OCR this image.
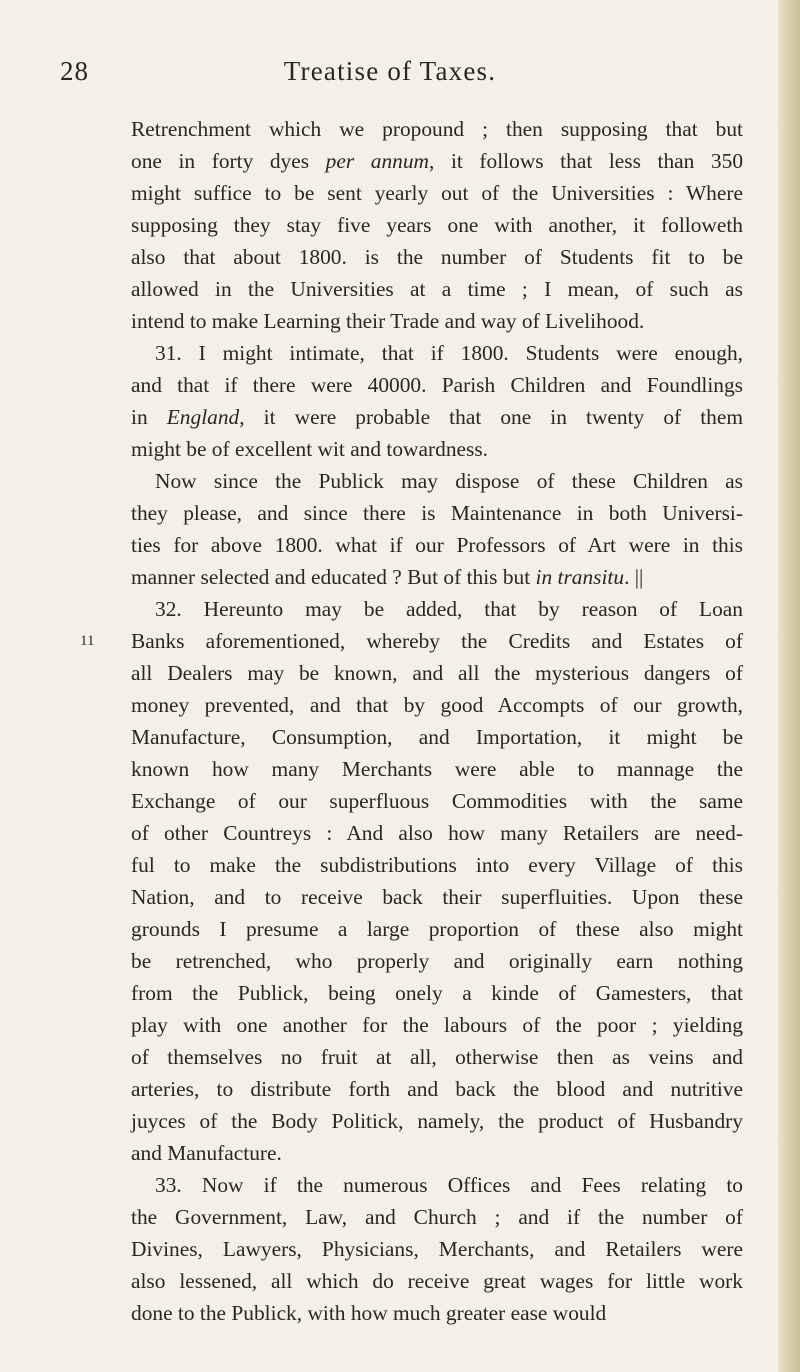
28	Treatise of Taxes.
11
Retrenchment which we propound ; then supposing that but
one in forty dyes per annum, it follows that less than 350
might suffice to be sent yearly out of the Universities : Where
supposing they stay five years one with another, it followeth
also that about 1800. is the number of Students fit to be
allowed in the Universities at a time ; I mean, of such as
intend to make Learning their Trade and way of Livelihood.
31. I might intimate, that if 1800. Students were enough,
and that if there were 40000. Parish Children and Foundlings
in England, it were probable that one in twenty of them
might be of excellent wit and towardness.
Now since the Publick may dispose of these Children as
they please, and since there is Maintenance in both Universi-
ties for above 1800. what if our Professors of Art were in this
manner selected and educated ? But of this but in transitu. ||
32. Hereunto may be added, that by reason of Loan
Banks aforementioned, whereby the Credits and Estates of
all Dealers may be known, and all the mysterious dangers of
money prevented, and that by good Accompts of our growth,
Manufacture, Consumption, and Importation, it might be
known how many Merchants were able to mannage the
Exchange of our superfluous Commodities with the same
of other Countreys : And also how many Retailers are need-
ful to make the subdistributions into every Village of this
Nation, and to receive back their superfluities. Upon these
grounds I presume a large proportion of these also might
be retrenched, who properly and originally earn nothing
from the Publick, being onely a kinde of Gamesters, that
play with one another for the labours of the poor ; yielding
of themselves no fruit at all, otherwise then as veins and
arteries, to distribute forth and back the blood and nutritive
juyces of the Body Politick, namely, the product of Husbandry
and Manufacture.
33. Now if the numerous Offices and Fees relating to
the Government, Law, and Church ; and if the number of
Divines, Lawyers, Physicians, Merchants, and Retailers were
also lessened, all which do receive great wages for little work
done to the Publick, with how much greater ease would
